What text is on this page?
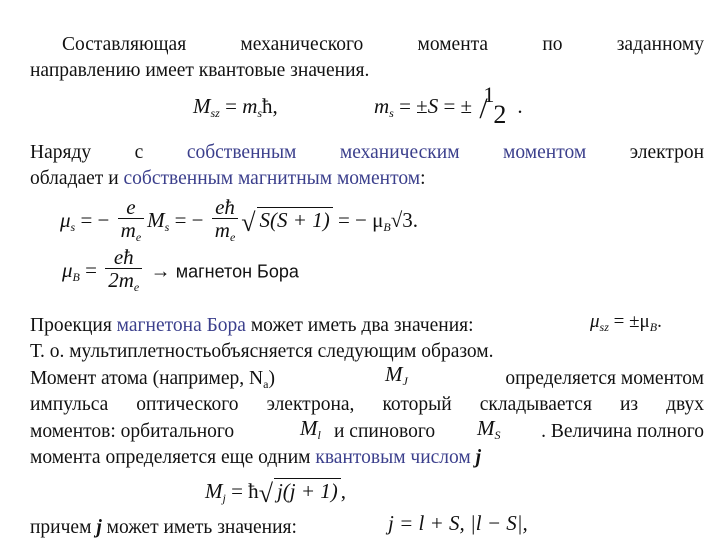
Составляющая	механического	момента	по	заданному
направлению имеет квантовые значения.
$M_{sz}$ = $m_sħ$,	$m_s = \pm S$ = ± 1
/ 2 .
Наряду с собственным механическим моментом электрон
обладает и собственным магнитным моментом:
$\mu_s$ = − $\frac{e}{m_e} M_s$ = − $\frac{eħ}{m_e}$ √ S(S + 1) = − $\mu_B√3$.
$\mu_B = \frac{eħ}{2m_e}$ → магнетон Бора
Проекция магнетона Бора может иметь два значения:	$\mu_{sz} = \pm\mu_B$.
Т. о. мультиплетностьобъясняется следующим образом.
Момент атома (например, $N_a$)	$M_J$	определяется моментом
импульса оптического электрона, который складывается из двух
моментов: орбитального	$M_l$ и спинового $M_S$	. Величина полного
момента определяется еще одним квантовым числом j
$M_j$ = ħ√ j(j + 1) ,
причем j может иметь значения:	j = l + S, |l − S|,
